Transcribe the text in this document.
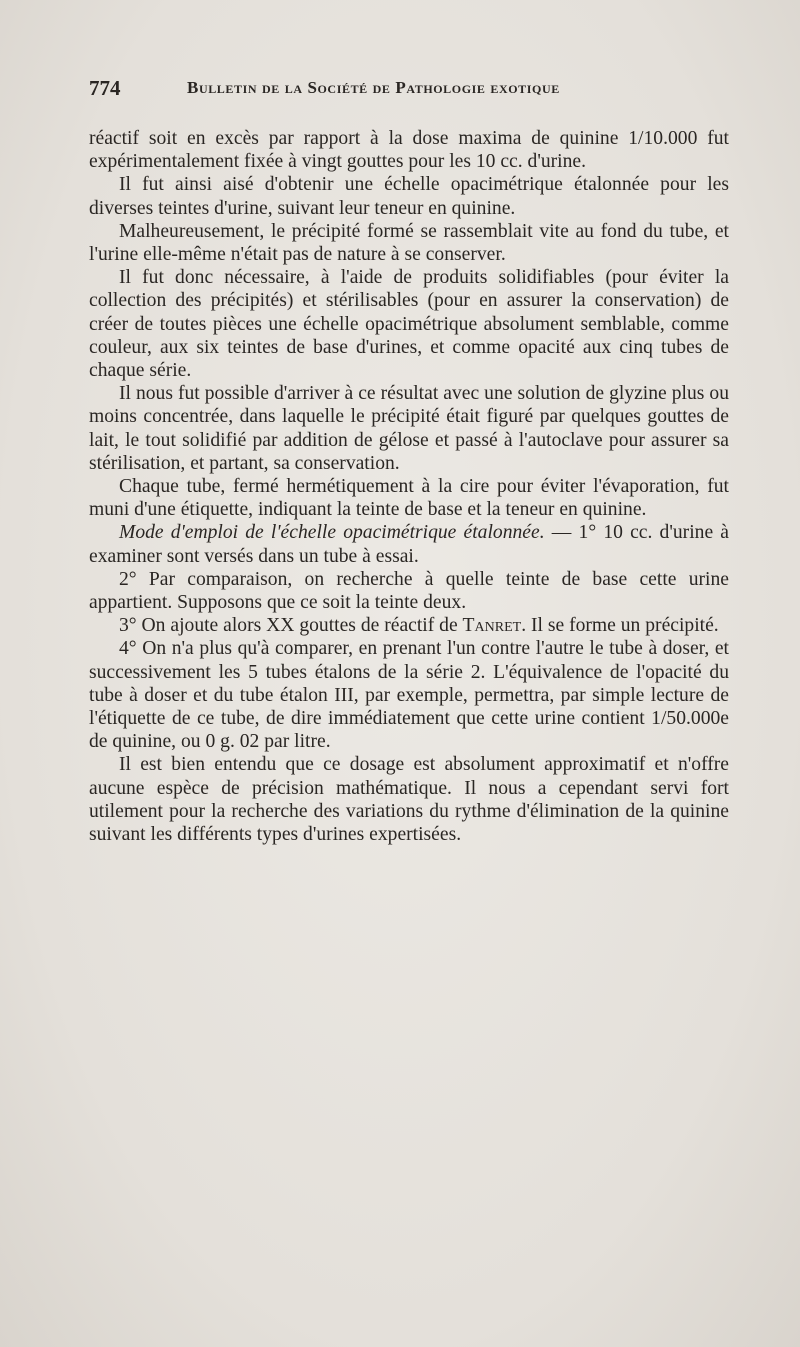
774	Bulletin de la Société de Pathologie exotique

réactif soit en excès par rapport à la dose maxima de quinine 1/10.000 fut expérimentalement fixée à vingt gouttes pour les 10 cc. d'urine.

Il fut ainsi aisé d'obtenir une échelle opacimétrique étalonnée pour les diverses teintes d'urine, suivant leur teneur en quinine.

Malheureusement, le précipité formé se rassemblait vite au fond du tube, et l'urine elle-même n'était pas de nature à se conserver.

Il fut donc nécessaire, à l'aide de produits solidifiables (pour éviter la collection des précipités) et stérilisables (pour en assurer la conservation) de créer de toutes pièces une échelle opacimétrique absolument semblable, comme couleur, aux six teintes de base d'urines, et comme opacité aux cinq tubes de chaque série.

Il nous fut possible d'arriver à ce résultat avec une solution de glyzine plus ou moins concentrée, dans laquelle le précipité était figuré par quelques gouttes de lait, le tout solidifié par addition de gélose et passé à l'autoclave pour assurer sa stérilisation, et partant, sa conservation.

Chaque tube, fermé hermétiquement à la cire pour éviter l'évaporation, fut muni d'une étiquette, indiquant la teinte de base et la teneur en quinine.

Mode d'emploi de l'échelle opacimétrique étalonnée. — 1° 10 cc. d'urine à examiner sont versés dans un tube à essai.

2° Par comparaison, on recherche à quelle teinte de base cette urine appartient. Supposons que ce soit la teinte deux.

3° On ajoute alors XX gouttes de réactif de Tanret. Il se forme un précipité.

4° On n'a plus qu'à comparer, en prenant l'un contre l'autre le tube à doser, et successivement les 5 tubes étalons de la série 2. L'équivalence de l'opacité du tube à doser et du tube étalon III, par exemple, permettra, par simple lecture de l'étiquette de ce tube, de dire immédiatement que cette urine contient 1/50.000e de quinine, ou 0 g. 02 par litre.

Il est bien entendu que ce dosage est absolument approximatif et n'offre aucune espèce de précision mathématique. Il nous a cependant servi fort utilement pour la recherche des variations du rythme d'élimination de la quinine suivant les différents types d'urines expertisées.
